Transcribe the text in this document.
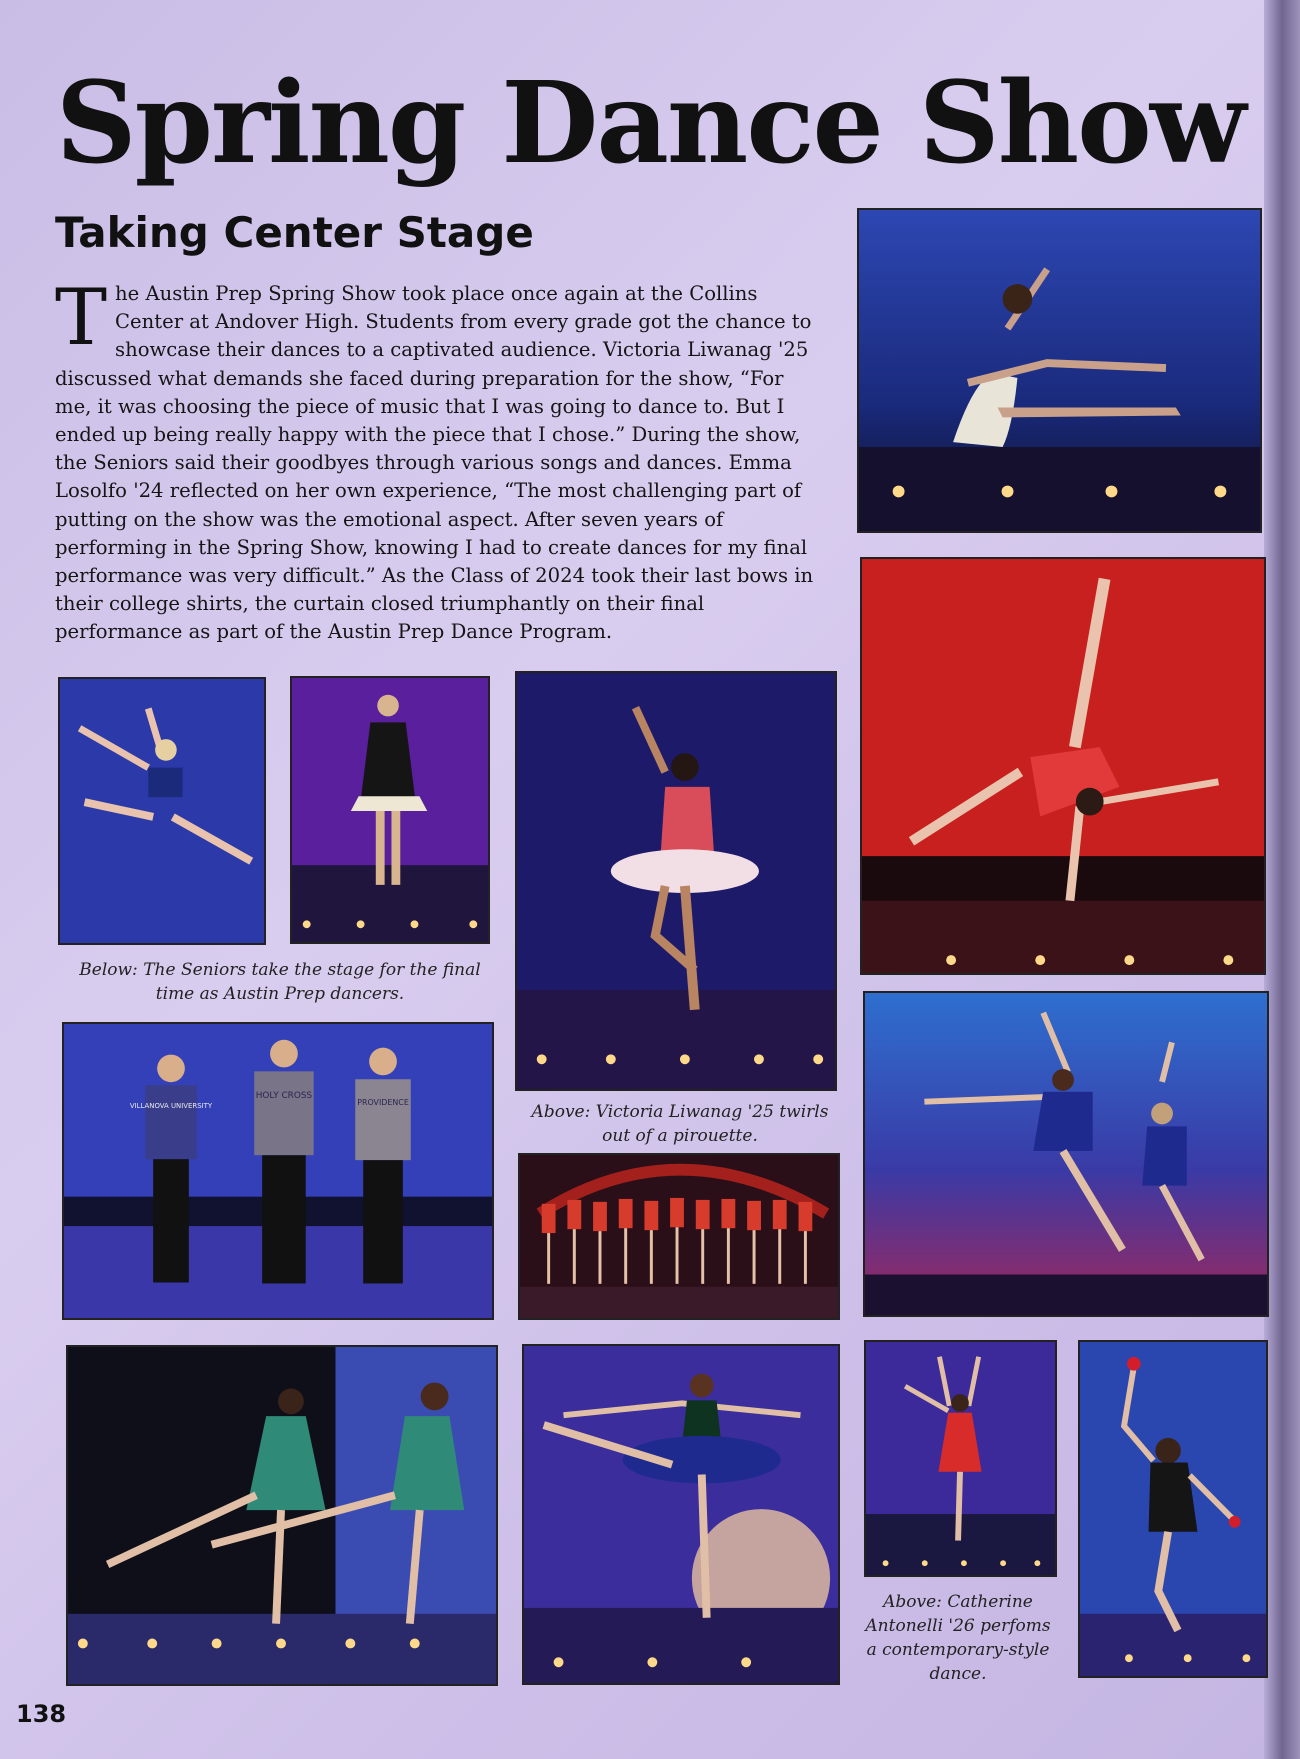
Spring Dance Show
Taking Center Stage

The Austin Prep Spring Show took place once again at the Collins Center at Andover High. Students from every grade got the chance to showcase their dances to a captivated audience. Victoria Liwanag '25 discussed what demands she faced during preparation for the show, “For me, it was choosing the piece of music that I was going to dance to. But I ended up being really happy with the piece that I chose.” During the show, the Seniors said their goodbyes through various songs and dances. Emma Losolfo '24 reflected on her own experience, “The most challenging part of putting on the show was the emotional aspect. After seven years of performing in the Spring Show, knowing I had to create dances for my final performance was very difficult.” As the Class of 2024 took their last bows in their college shirts, the curtain closed triumphantly on their final performance as part of the Austin Prep Dance Program.

Below: The Seniors take the stage for the final time as Austin Prep dancers.

VILLANOVA UNIVERSITY
HOLY CROSS
PROVIDENCE	Above: Victoria Liwanag '25 twirls out of a pirouette.

Above: Catherine Antonelli '26 perfoms a contemporary-style dance.

138
